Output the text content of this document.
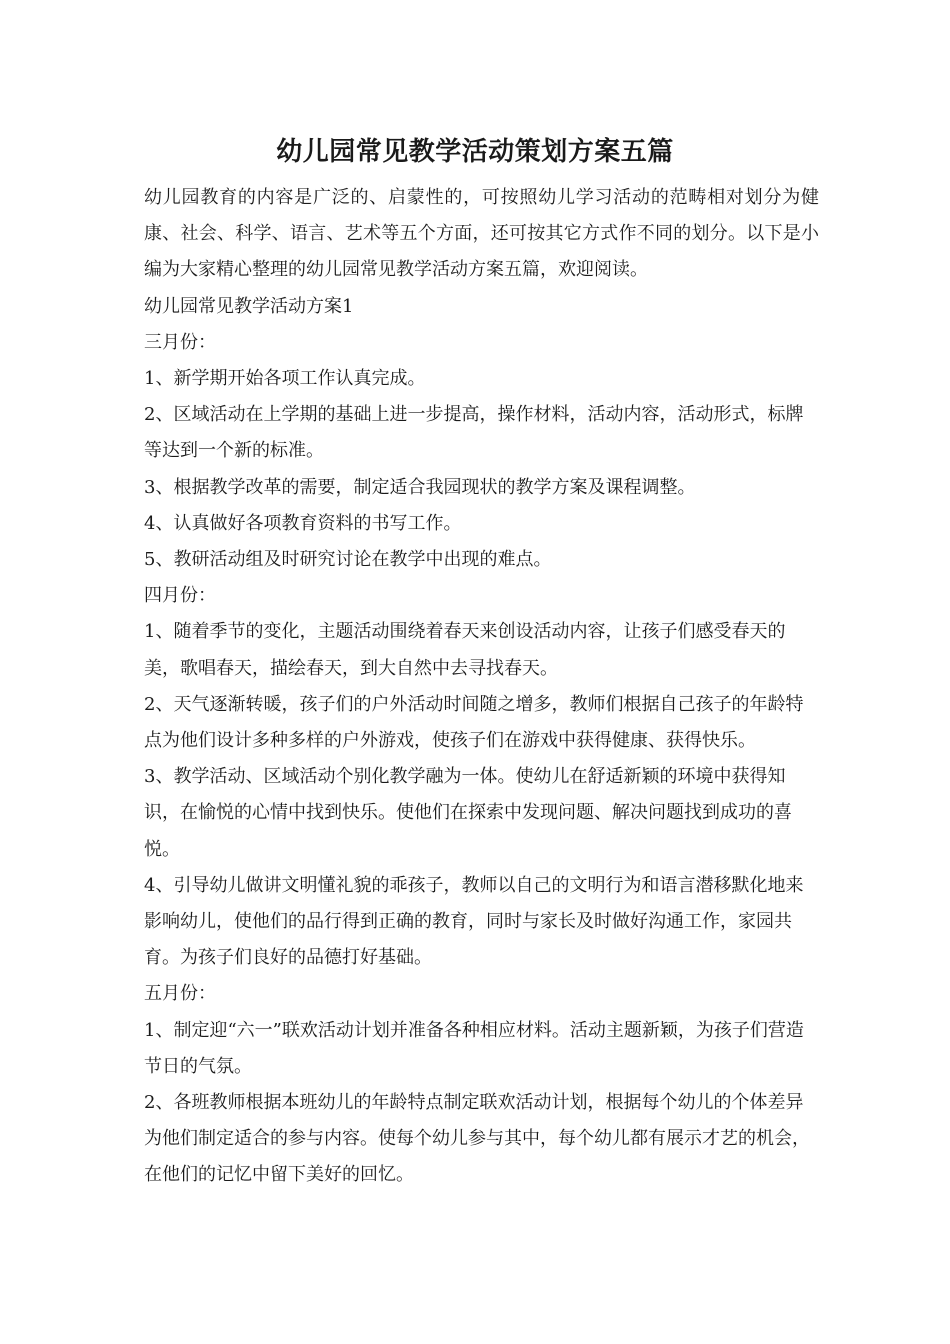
幼儿园常见教学活动策划方案五篇

幼儿园教育的内容是广泛的、启蒙性的，可按照幼儿学习活动的范畴相对划分为健康、社会、科学、语言、艺术等五个方面，还可按其它方式作不同的划分。以下是小编为大家精心整理的幼儿园常见教学活动方案五篇，欢迎阅读。

幼儿园常见教学活动方案1

三月份：

1、新学期开始各项工作认真完成。

2、区域活动在上学期的基础上进一步提高，操作材料，活动内容，活动形式，标牌等达到一个新的标准。

3、根据教学改革的需要，制定适合我园现状的教学方案及课程调整。

4、认真做好各项教育资料的书写工作。

5、教研活动组及时研究讨论在教学中出现的难点。

四月份：

1、随着季节的变化，主题活动围绕着春天来创设活动内容，让孩子们感受春天的美，歌唱春天，描绘春天，到大自然中去寻找春天。

2、天气逐渐转暖，孩子们的户外活动时间随之增多，教师们根据自己孩子的年龄特点为他们设计多种多样的户外游戏，使孩子们在游戏中获得健康、获得快乐。

3、教学活动、区域活动个别化教学融为一体。使幼儿在舒适新颖的环境中获得知识，在愉悦的心情中找到快乐。使他们在探索中发现问题、解决问题找到成功的喜悦。

4、引导幼儿做讲文明懂礼貌的乖孩子，教师以自己的文明行为和语言潜移默化地来影响幼儿，使他们的品行得到正确的教育，同时与家长及时做好沟通工作，家园共育。为孩子们良好的品德打好基础。

五月份：

1、制定迎“六一”联欢活动计划并准备各种相应材料。活动主题新颖，为孩子们营造节日的气氛。

2、各班教师根据本班幼儿的年龄特点制定联欢活动计划，根据每个幼儿的个体差异为他们制定适合的参与内容。使每个幼儿参与其中，每个幼儿都有展示才艺的机会，在他们的记忆中留下美好的回忆。
